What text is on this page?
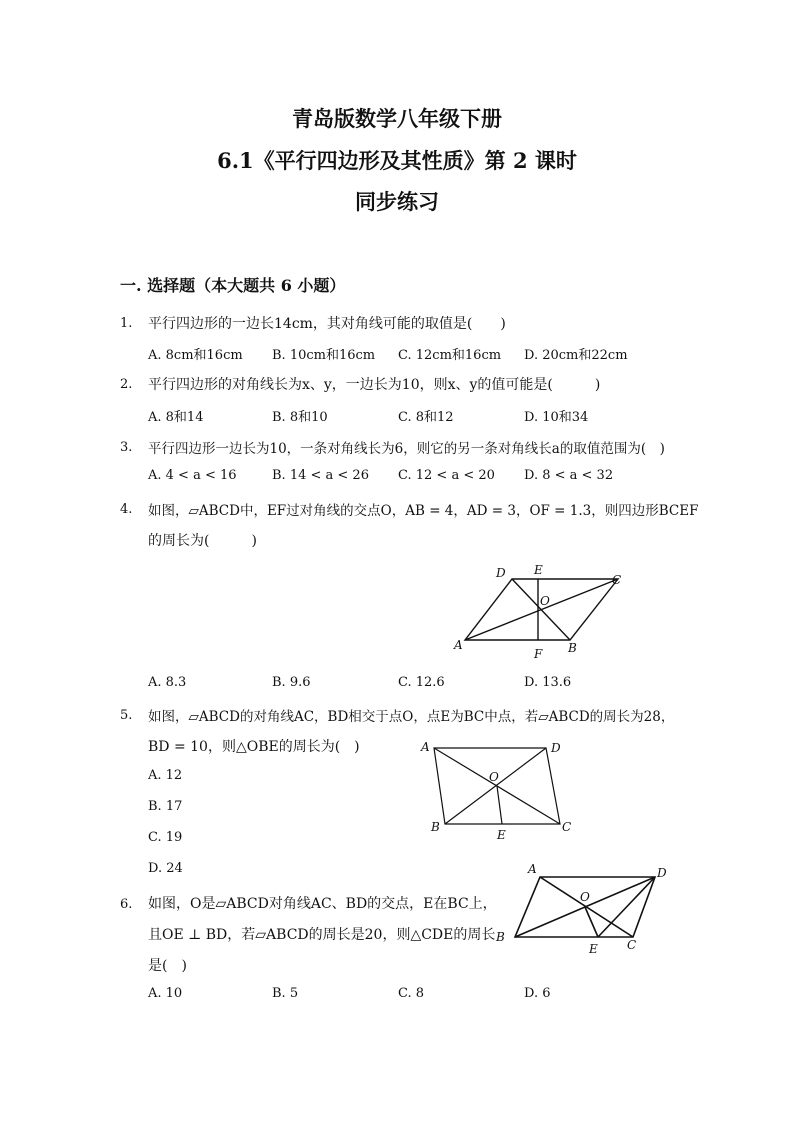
青岛版数学八年级下册
6.1《平行四边形及其性质》第 2 课时
同步练习
一. 选择题（本大题共 6 小题）
1. 平行四边形的一边长14cm，其对角线可能的取值是(　　)
A. 8cm和16cm B. 10cm和16cm C. 12cm和16cm D. 20cm和22cm
2. 平行四边形的对角线长为x、y，一边长为10，则x、y的值可能是(　　　)
A. 8和14	B. 8和10	C. 8和12	D. 10和34
3. 平行四边形一边长为10，一条对角线长为6，则它的另一条对角线长a的取值范围为(　)
A. 4 < a < 16	B. 14 < a < 26 C. 12 < a < 20 D. 8 < a < 32
4. 如图，▱ABCD中，EF过对角线的交点O，AB = 4，AD = 3，OF = 1.3，则四边形BCEF
的周长为(　　　)
D E
C
O
A
F B
A. 8.3	B. 9.6	C. 12.6	D. 13.6
5. 如图，▱ABCD的对角线AC，BD相交于点O，点E为BC中点，若▱ABCD的周长为28，
BD = 10，则△OBE的周长为(　)	A	D
O
B
E
C
A. 12
B. 17
C. 19
D. 24
6. 如图，O是▱ABCD对角线AC、BD的交点，E在BC上，
且OE ⊥ BD，若▱ABCD的周长是20，则△CDE的周长
是(　)
A	D
O
B
E C
A. 10	B. 5	C. 8	D. 6
